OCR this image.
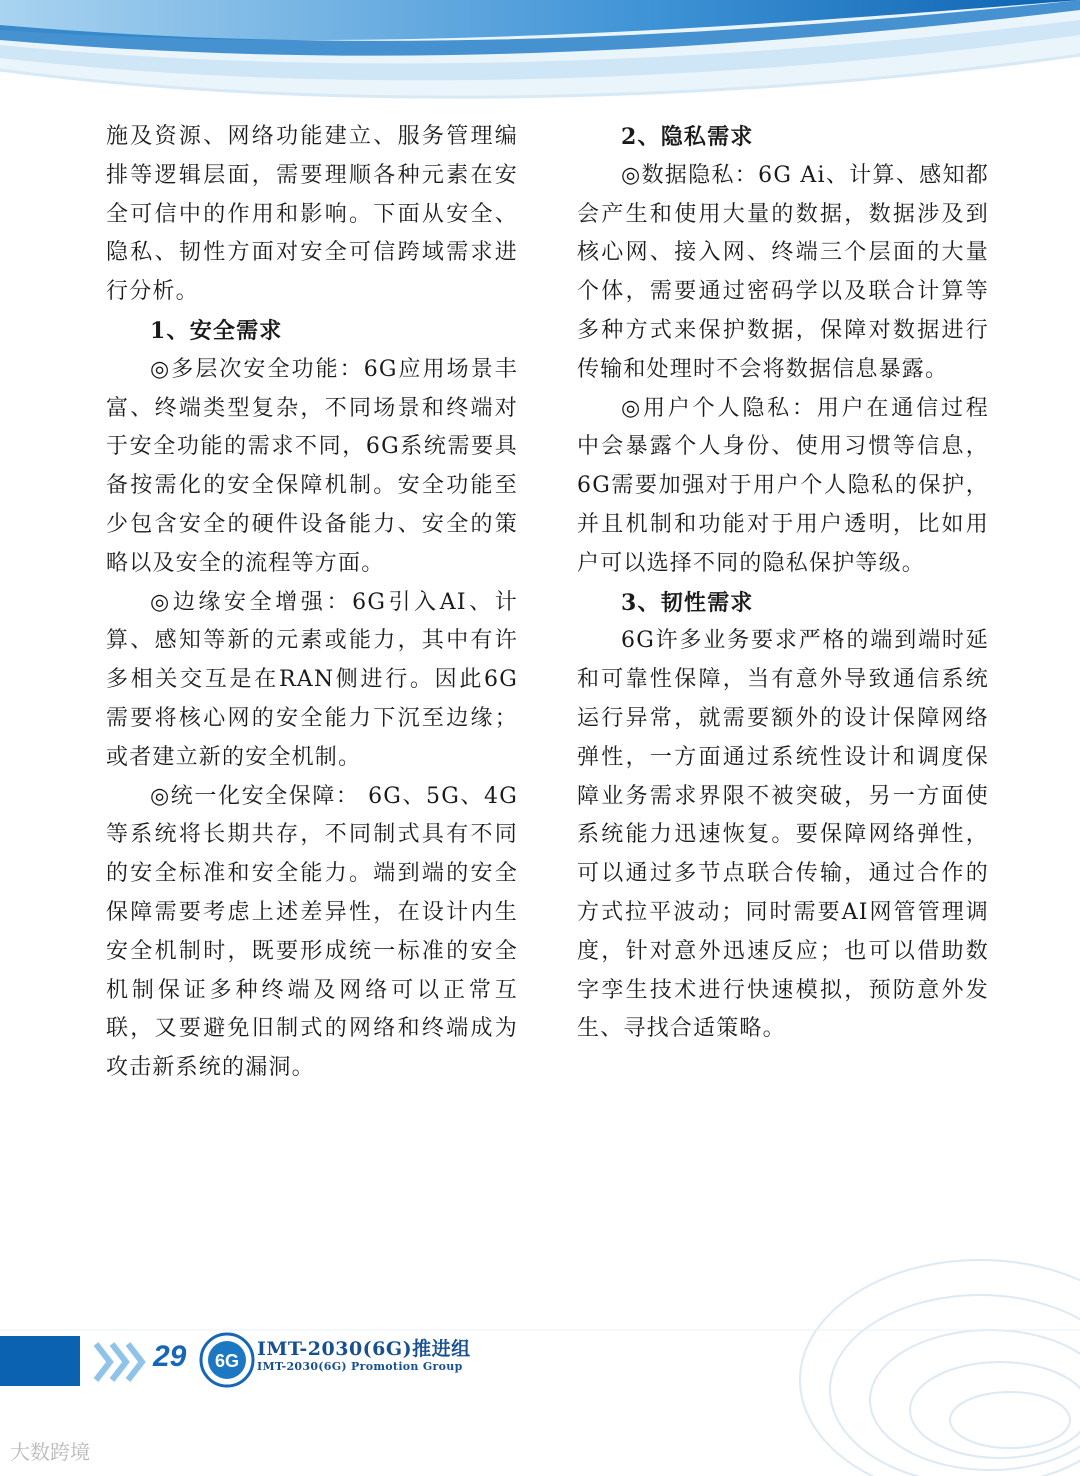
施及资源、网络功能建立、服务管理编排等逻辑层面，需要理顺各种元素在安全可信中的作用和影响。下面从安全、隐私、韧性方面对安全可信跨域需求进行分析。

1、安全需求

◎多层次安全功能：6G应用场景丰富、终端类型复杂，不同场景和终端对于安全功能的需求不同，6G系统需要具备按需化的安全保障机制。安全功能至少包含安全的硬件设备能力、安全的策略以及安全的流程等方面。

◎边缘安全增强：6G引入AI、计算、感知等新的元素或能力，其中有许多相关交互是在RAN侧进行。因此6G需要将核心网的安全能力下沉至边缘；或者建立新的安全机制。

◎统一化安全保障： 6G、5G、4G等系统将长期共存，不同制式具有不同的安全标准和安全能力。端到端的安全保障需要考虑上述差异性，在设计内生安全机制时，既要形成统一标准的安全机制保证多种终端及网络可以正常互联，又要避免旧制式的网络和终端成为攻击新系统的漏洞。

2、隐私需求

◎数据隐私：6G Ai、计算、感知都会产生和使用大量的数据，数据涉及到核心网、接入网、终端三个层面的大量个体，需要通过密码学以及联合计算等多种方式来保护数据，保障对数据进行传输和处理时不会将数据信息暴露。

◎用户个人隐私：用户在通信过程中会暴露个人身份、使用习惯等信息，6G需要加强对于用户个人隐私的保护，并且机制和功能对于用户透明，比如用户可以选择不同的隐私保护等级。

3、韧性需求

6G许多业务要求严格的端到端时延和可靠性保障，当有意外导致通信系统运行异常，就需要额外的设计保障网络弹性，一方面通过系统性设计和调度保障业务需求界限不被突破，另一方面使系统能力迅速恢复。要保障网络弹性，可以通过多节点联合传输，通过合作的方式拉平波动；同时需要AI网管管理调度，针对意外迅速反应；也可以借助数字孪生技术进行快速模拟，预防意外发生、寻找合适策略。

29 6G
IMT-2030(6G)推进组
IMT-2030(6G) Promotion Group
大数跨境
